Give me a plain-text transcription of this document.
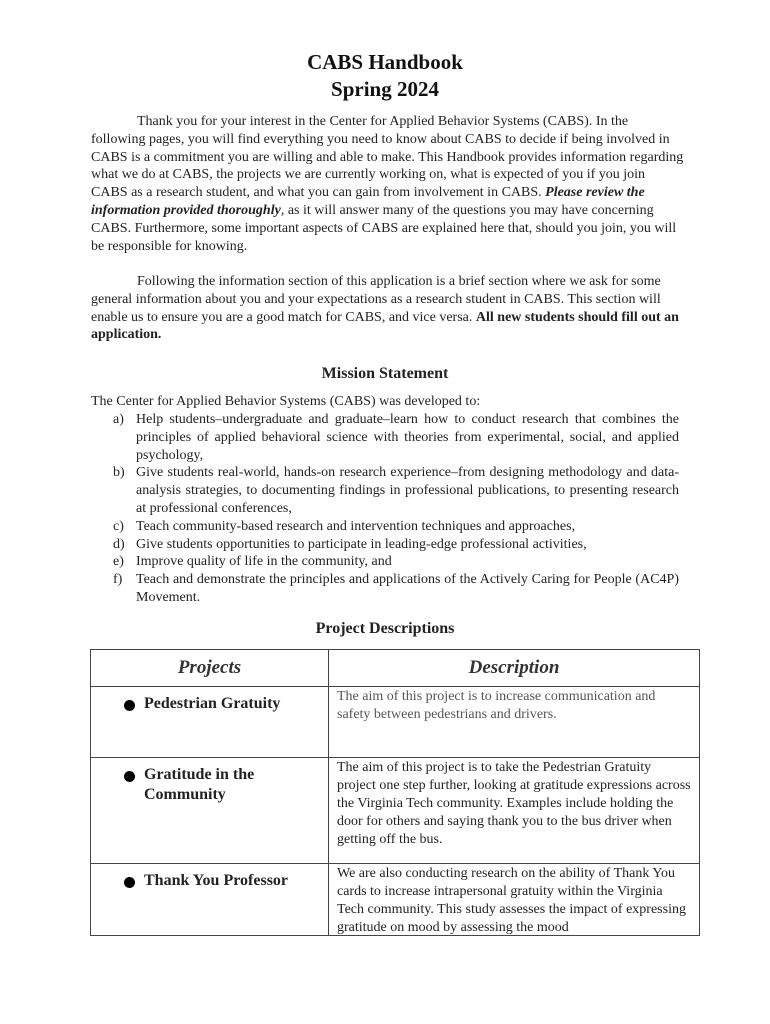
CABS Handbook
Spring 2024
Thank you for your interest in the Center for Applied Behavior Systems (CABS). In the following pages, you will find everything you need to know about CABS to decide if being involved in CABS is a commitment you are willing and able to make. This Handbook provides information regarding what we do at CABS, the projects we are currently working on, what is expected of you if you join CABS as a research student, and what you can gain from involvement in CABS. Please review the information provided thoroughly, as it will answer many of the questions you may have concerning CABS. Furthermore, some important aspects of CABS are explained here that, should you join, you will be responsible for knowing.
Following the information section of this application is a brief section where we ask for some general information about you and your expectations as a research student in CABS. This section will enable us to ensure you are a good match for CABS, and vice versa. All new students should fill out an application.
Mission Statement
The Center for Applied Behavior Systems (CABS) was developed to:
a) Help students–undergraduate and graduate–learn how to conduct research that combines the principles of applied behavioral science with theories from experimental, social, and applied psychology,
b) Give students real-world, hands-on research experience–from designing methodology and data-analysis strategies, to documenting findings in professional publications, to presenting research at professional conferences,
c) Teach community-based research and intervention techniques and approaches,
d) Give students opportunities to participate in leading-edge professional activities,
e) Improve quality of life in the community, and
f) Teach and demonstrate the principles and applications of the Actively Caring for People (AC4P) Movement.
Project Descriptions
Projects	Description

Pedestrian Gratuity	The aim of this project is to increase communication and safety between pedestrians and drivers.

Gratitude in the Community	The aim of this project is to take the Pedestrian Gratuity project one step further, looking at gratitude expressions across the Virginia Tech community. Examples include holding the door for others and saying thank you to the bus driver when getting off the bus.

Thank You Professor	We are also conducting research on the ability of Thank You cards to increase intrapersonal gratuity within the Virginia Tech community. This study assesses the impact of expressing gratitude on mood by assessing the mood
